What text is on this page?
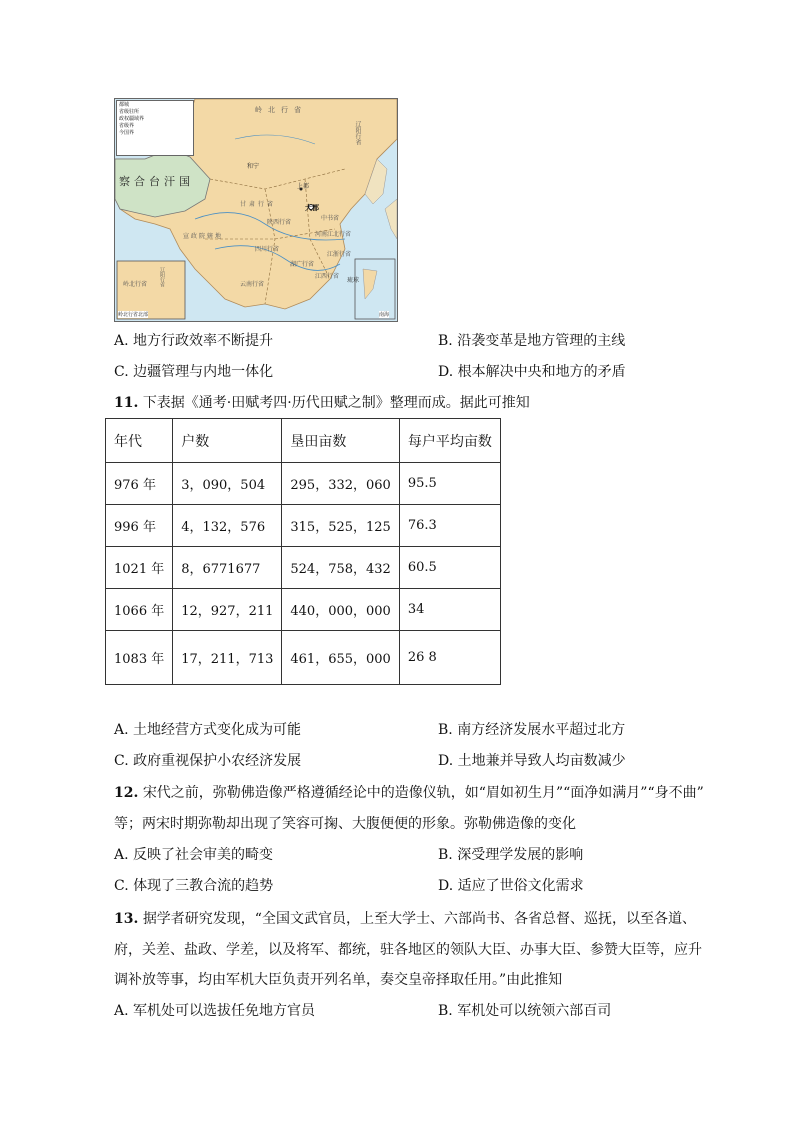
都城
省级驻所
政权疆域界
省级界
今国界
察合台汗国
岭北行省
辽阳行省
和宁
上都
大都
甘肃行省
宣政院辖地
陕西行省
河南江北行省
中书省
四川行省
湖广行省
江浙行省
江西行省
云南行省
琉球
岭北行省 辽阳行省
岭北行省北部	南海
A. 地方行政效率不断提升	B. 沿袭变革是地方管理的主线
C. 边疆管理与内地一体化	D. 根本解决中央和地方的矛盾
11. 下表据《通考·田赋考四·历代田赋之制》整理而成。据此可推知
年代	户数	垦田亩数	每户平均亩数
976 年	3，090，504	295，332，060	95.5
996 年	4，132，576	315，525，125	76.3
1021 年	8，6771677	524，758，432	60.5
1066 年	12，927，211	440，000，000	34
1083 年	17，211，713	461，655，000	26 8
A. 土地经营方式变化成为可能	B. 南方经济发展水平超过北方
C. 政府重视保护小农经济发展	D. 土地兼并导致人均亩数减少
12. 宋代之前，弥勒佛造像严格遵循经论中的造像仪轨，如“眉如初生月”“面净如满月”“身不曲”
等；两宋时期弥勒却出现了笑容可掬、大腹便便的形象。弥勒佛造像的变化
A. 反映了社会审美的畸变	B. 深受理学发展的影响
C. 体现了三教合流的趋势	D. 适应了世俗文化需求
13. 据学者研究发现，“全国文武官员，上至大学士、六部尚书、各省总督、巡抚，以至各道、
府，关差、盐政、学差，以及将军、都统，驻各地区的领队大臣、办事大臣、参赞大臣等，应升
调补放等事，均由军机大臣负责开列名单，奏交皇帝择取任用。”由此推知
A. 军机处可以选拔任免地方官员	B. 军机处可以统领六部百司
